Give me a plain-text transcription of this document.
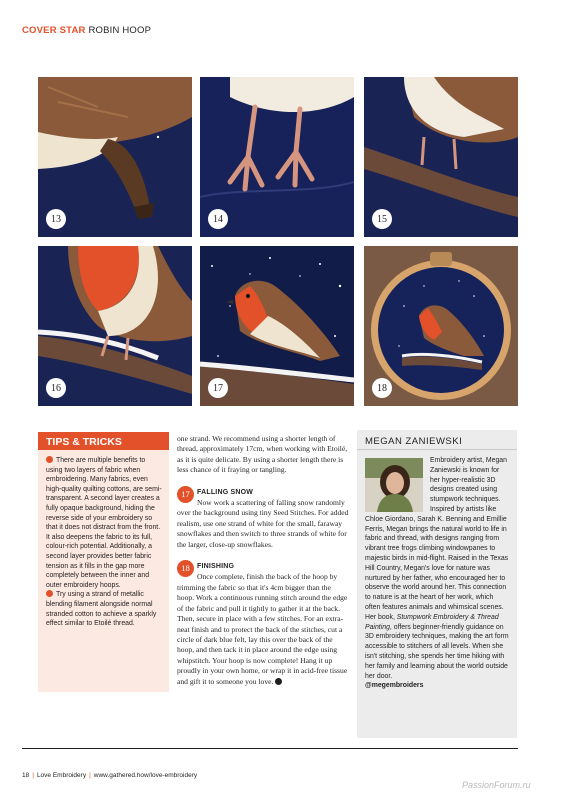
COVER STAR ROBIN HOOP
13	14	15
16	17	18
TIPS & TRICKS

There are multiple benefits to using two layers of fabric when embroidering. Many fabrics, even high-quality quilting cottons, are semi-transparent. A second layer creates a fully opaque background, hiding the reverse side of your embroidery so that it does not distract from the front. It also deepens the fabric to its full, colour-rich potential. Additionally, a second layer provides better fabric tension as it fills in the gap more completely between the inner and outer embroidery hoops.

Try using a strand of metallic blending filament alongside normal stranded cotton to achieve a sparkly effect similar to Etoilé thread.

one strand. We recommend using a shorter length of thread, approximately 17cm, when working with Etoilé, as it is quite delicate. By using a shorter length there is less chance of it fraying or tangling.

17	FALLING SNOW
Now work a scattering of falling snow randomly over the background using tiny Seed Stitches. For added realism, use one strand of white for the small, faraway snowflakes and then switch to three strands of white for the larger, close-up snowflakes.
18	FINISHING
Once complete, finish the back of the hoop by trimming the fabric so that it's 4cm bigger than the hoop. Work a continuous running stitch around the edge of the fabric and pull it tightly to gather it at the back. Then, secure in place with a few stitches. For an extra-neat finish and to protect the back of the stitches, cut a circle of dark blue felt, lay this over the back of the hoop, and then tack it in place around the edge using whipstitch. Your hoop is now complete! Hang it up proudly in your own home, or wrap it in acid-free tissue and gift it to someone you love.
MEGAN ZANIEWSKI
Embroidery artist, Megan Zaniewski is known for her hyper-realistic 3D designs created using stumpwork techniques. Inspired by artists like Chloe Giordano, Sarah K. Benning and Emillie Ferris, Megan brings the natural world to life in fabric and thread, with designs ranging from vibrant tree frogs climbing windowpanes to majestic birds in mid-flight. Raised in the Texas Hill Country, Megan's love for nature was nurtured by her father, who encouraged her to observe the world around her. This connection to nature is at the heart of her work, which often features animals and whimsical scenes. Her book, Stumpwork Embroidery & Thread Painting, offers beginner-friendly guidance on 3D embroidery techniques, making the art form accessible to stitchers of all levels. When she isn't stitching, she spends her time hiking with her family and learning about the world outside her door.
@megembroiders
18 | Love Embroidery | www.gathered.how/love-embroidery
PassionForum.ru
